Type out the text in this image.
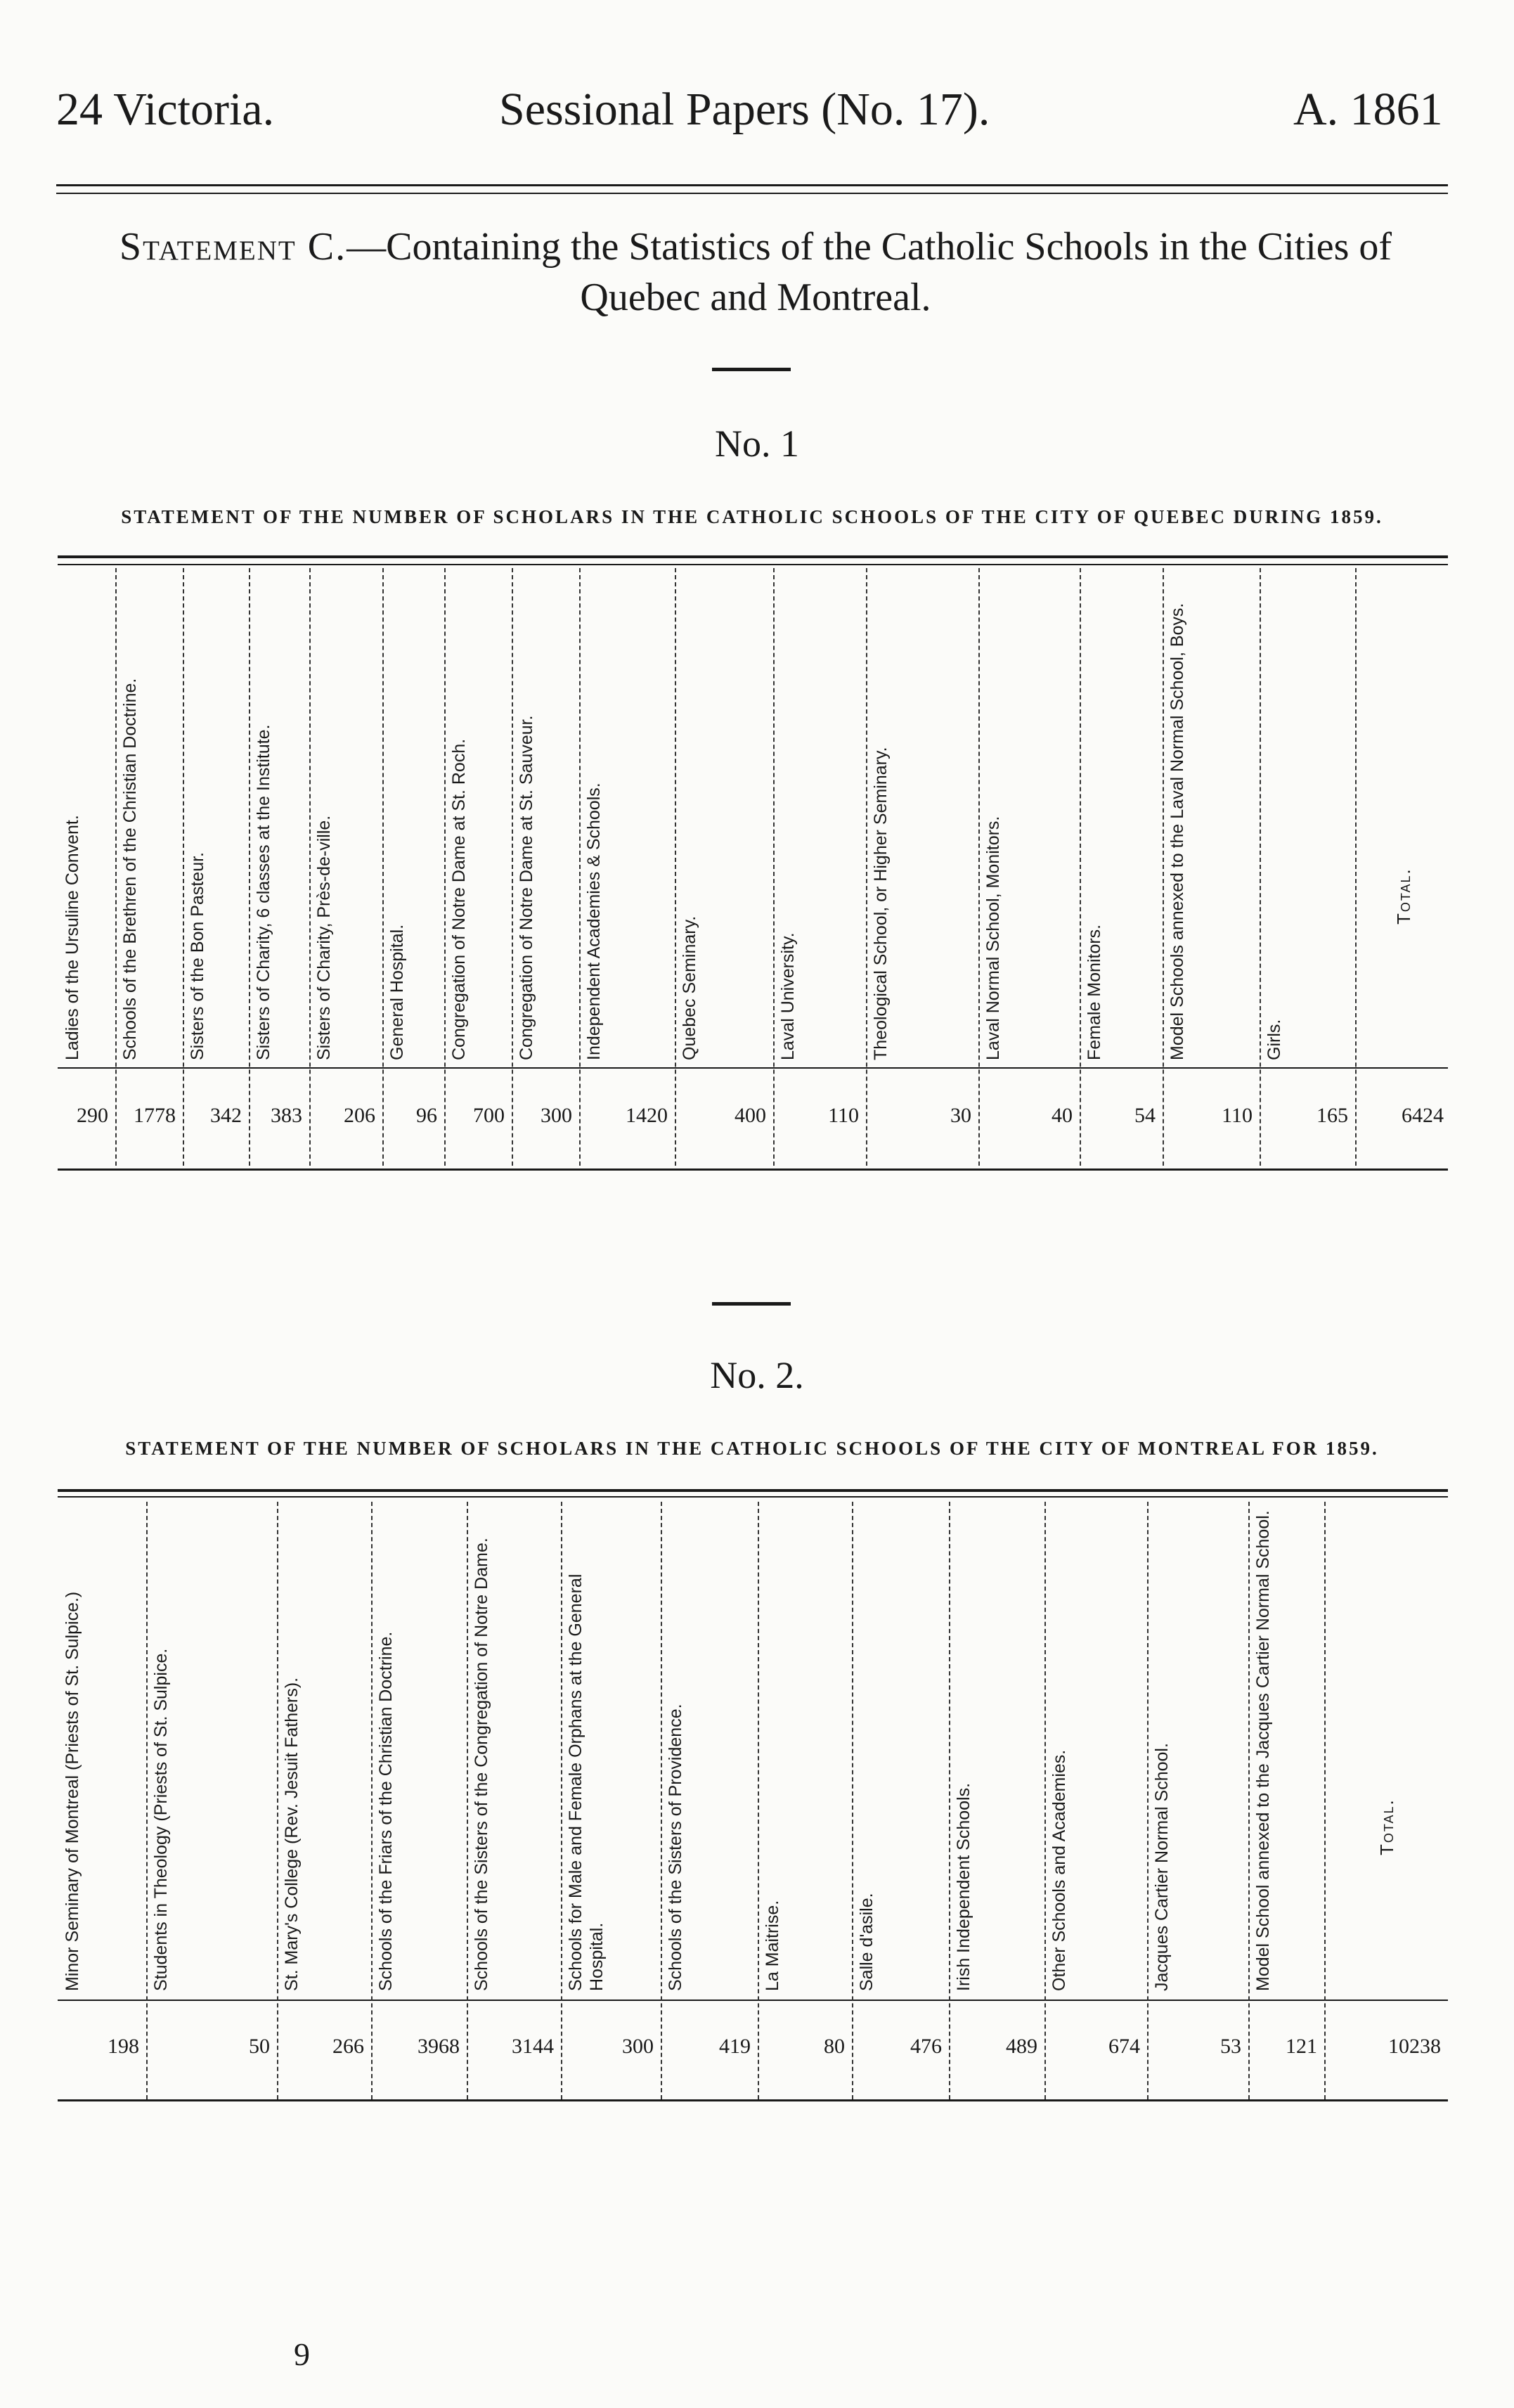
24 Victoria.	Sessional Papers (No. 17).	A. 1861
Statement C.—Containing the Statistics of the Catholic Schools in the Cities of Quebec and Montreal.
No. 1
STATEMENT OF THE NUMBER OF SCHOLARS IN THE CATHOLIC SCHOOLS OF THE CITY OF QUEBEC DURING 1859.
Ladies of the Ursuline Convent.
290
Schools of the Brethren of the Christian Doctrine.
1778
Sisters of the Bon Pasteur.
342
Sisters of Charity, 6 classes at the Institute.
383
Sisters of Charity, Près-de-ville.
206
General Hospital.
96
Congregation of Notre Dame at St. Roch.
700
Congregation of Notre Dame at St. Sauveur.
300
Independent Academies & Schools.
1420
Quebec Seminary.
400
Laval University.
110
Theological School, or Higher Seminary.
30
Laval Normal School, Monitors.
40
Female Monitors.
54
Model Schools annexed to the Laval Normal School, Boys.
110
Girls.
165
Total.
6424
No. 2.
STATEMENT OF THE NUMBER OF SCHOLARS IN THE CATHOLIC SCHOOLS OF THE CITY OF MONTREAL FOR 1859.
Minor Seminary of Montreal (Priests of St. Sulpice.)
198
Students in Theology (Priests of St. Sulpice.
50
St. Mary's College (Rev. Jesuit Fathers).
266
Schools of the Friars of the Christian Doctrine.
3968
Schools of the Sisters of the Congregation of Notre Dame.
3144
Schools for Male and Female Orphans at the General Hospital.
300
Schools of the Sisters of Providence.
419
La Maitrise.
80
Salle d'asile.
476
Irish Independent Schools.
489
Other Schools and Academies.
674
Jacques Cartier Normal School.
53
Model School annexed to the Jacques Cartier Normal School.
121
Total.
10238
9
